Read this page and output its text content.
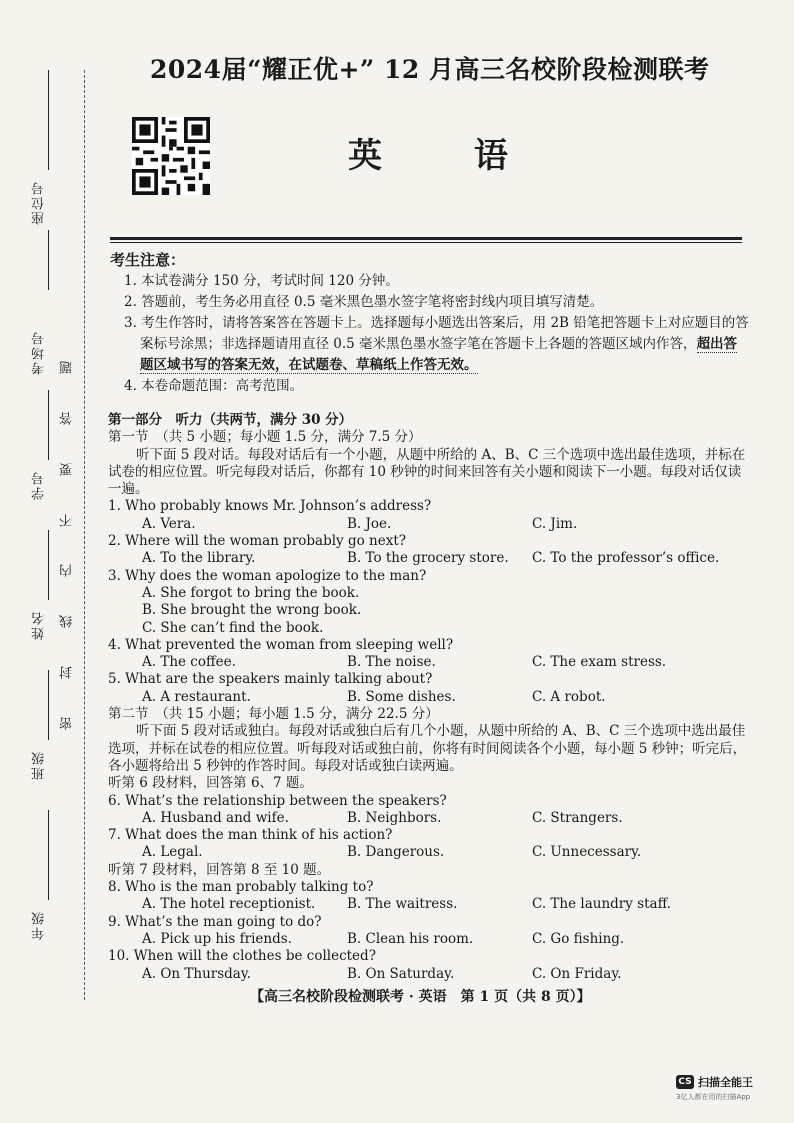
座位号
考场号
学号
姓名
班级
年级
密
封
线
内
不
要
答
题
2024届“耀正优+” 12 月高三名校阶段检测联考
英 语
考生注意：
1. 本试卷满分 150 分，考试时间 120 分钟。
2. 答题前，考生务必用直径 0.5 毫米黑色墨水签字笔将密封线内项目填写清楚。
3. 考生作答时，请将答案答在答题卡上。选择题每小题选出答案后，用 2B 铅笔把答题卡上对应题目的答案标号涂黑；非选择题请用直径 0.5 毫米黑色墨水签字笔在答题卡上各题的答题区域内作答，超出答题区域书写的答案无效，在试题卷、草稿纸上作答无效。
4. 本卷命题范围：高考范围。
第一部分　听力（共两节，满分 30 分）
第一节　（共 5 小题；每小题 1.5 分，满分 7.5 分）
听下面 5 段对话。每段对话后有一个小题，从题中所给的 A、B、C 三个选项中选出最佳选项，并标在试卷的相应位置。听完每段对话后，你都有 10 秒钟的时间来回答有关小题和阅读下一小题。每段对话仅读一遍。
1. Who probably knows Mr. Johnson’s address?
A. Vera.	B. Joe.	C. Jim.
2. Where will the woman probably go next?
A. To the library.	B. To the grocery store.	C. To the professor’s office.
3. Why does the woman apologize to the man?
A. She forgot to bring the book.
B. She brought the wrong book.
C. She can’t find the book.
4. What prevented the woman from sleeping well?
A. The coffee.	B. The noise.	C. The exam stress.
5. What are the speakers mainly talking about?
A. A restaurant.	B. Some dishes.	C. A robot.
第二节　（共 15 小题；每小题 1.5 分，满分 22.5 分）
听下面 5 段对话或独白。每段对话或独白后有几个小题，从题中所给的 A、B、C 三个选项中选出最佳选项，并标在试卷的相应位置。听每段对话或独白前，你将有时间阅读各个小题，每小题 5 秒钟；听完后，各小题将给出 5 秒钟的作答时间。每段对话或独白读两遍。
听第 6 段材料，回答第 6、7 题。
6. What’s the relationship between the speakers?
A. Husband and wife.	B. Neighbors.	C. Strangers.
7. What does the man think of his action?
A. Legal.	B. Dangerous.	C. Unnecessary.
听第 7 段材料，回答第 8 至 10 题。
8. Who is the man probably talking to?
A. The hotel receptionist.	B. The waitress.	C. The laundry staff.
9. What’s the man going to do?
A. Pick up his friends.	B. Clean his room.	C. Go fishing.
10. When will the clothes be collected?
A. On Thursday.	B. On Saturday.	C. On Friday.
【高三名校阶段检测联考 · 英语　第 1 页（共 8 页）】
CS 扫描全能王
3亿人都在用的扫描App
